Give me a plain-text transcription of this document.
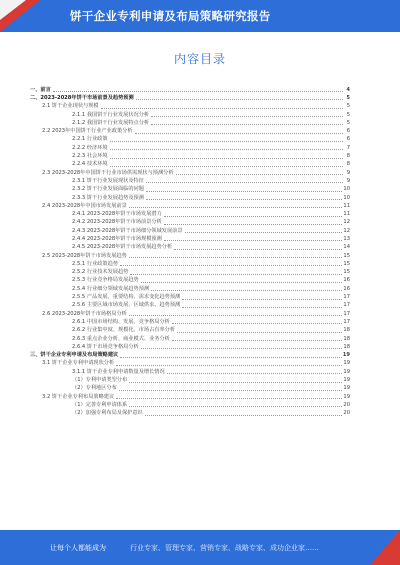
饼干企业专利申请及布局策略研究报告
内容目录
一、前言	4
二、2023-2028年饼干市场前景及趋势预测	5
2.1 饼干企业现状与规模	5
2.1.1 我国饼干行业发展状况分析	5
2.1.2 我国饼干行业发展特点分析	5
2.2 2023年中国饼干行业产业政策分析	6
2.2.1 行业政策	6
2.2.2 经济环境	7
2.2.3 社会环境	8
2.2.4 技术环境	8
2.3 2023-2028年中国饼干行业市场供需现状与预测分析	9
2.3.1 饼干行业发展现状及特征	9
2.3.2 饼干行业发展面临的问题	10
2.3.3 饼干行业发展趋势及预测	10
2.4 2023-2028年中国市场发展前景	11
2.4.1 2023-2028年饼干市场发展潜力	11
2.4.2 2023-2028年饼干市场前景分析	12
2.4.3 2023-2028年饼干市场细分领域发展前景	12
2.4.4 2023-2028年饼干市场规模预测	13
2.4.5 2023-2028年饼干市场发展趋势分析	14
2.5 2023-2028年饼干市场发展趋势	15
2.5.1 行业政策趋势	15
2.5.2 行业技术发展趋势	15
2.5.3 行业竞争格局发展趋势	16
2.5.4 行业细分领域发展趋势预测	16
2.5.5 产品发展、重要结构、需求变化趋势预测	17
2.5.6 主要区域市场发展、区域供求、趋势预测	17
2.6 2023-2028年饼干市场格局分析	17
2.6.1 中国市场结构、发展、竞争格局分析	17
2.6.2 行业集中度、规模化、市场占有率分析	18
2.6.3 重点企业分析、商业模式、业务分析	18
2.6.4 饼干市场竞争格局分析	18
三、饼干企业专利申请及布局策略建议	19
3.1 饼干企业专利申请现状分析	19
3.1.1 饼干企业专利申请数量及增长情况	19
（1）专利申请类型分布	19
（2）专利地区分布	19
3.2 饼干企业专利布局策略建议	19
（1）完善专利申请体系	20
（2）加强专利布局及保护意识	20
让每个人都能成为	行业专家、管理专家、营销专家、战略专家、成功企业家……
